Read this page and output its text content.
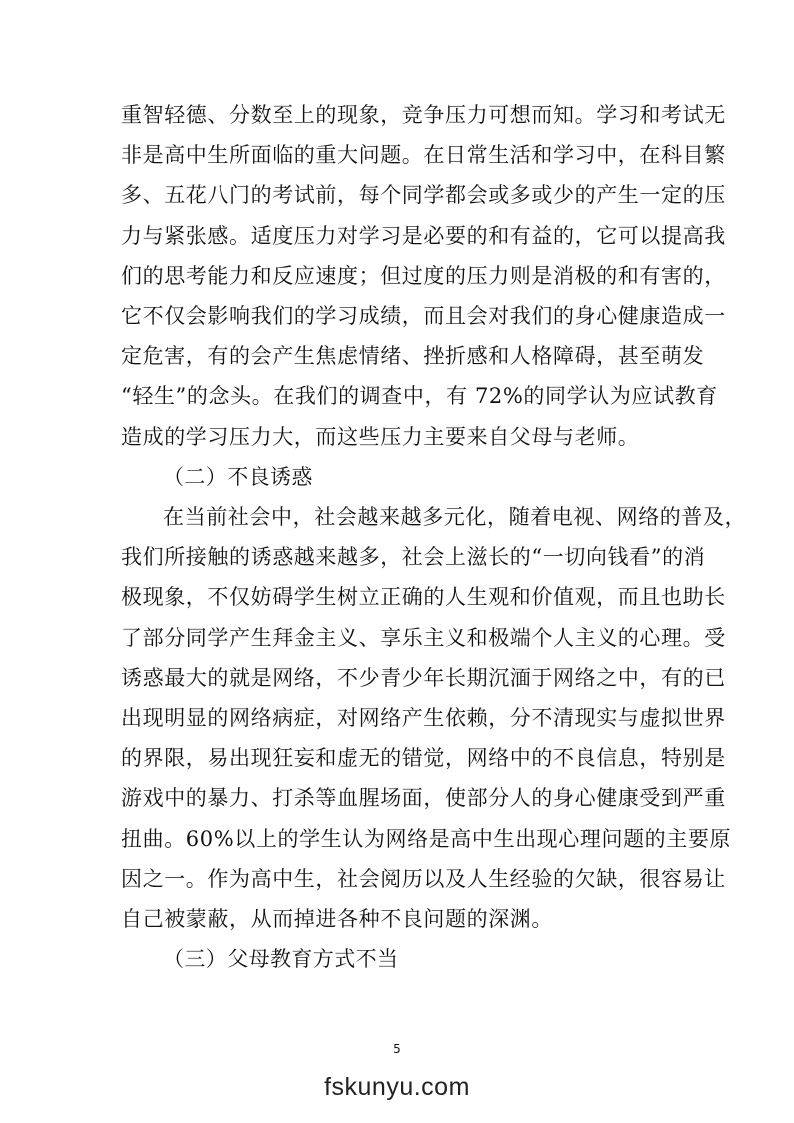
重智轻德、分数至上的现象，竞争压力可想而知。学习和考试无
非是高中生所面临的重大问题。在日常生活和学习中，在科目繁
多、五花八门的考试前，每个同学都会或多或少的产生一定的压
力与紧张感。适度压力对学习是必要的和有益的，它可以提高我
们的思考能力和反应速度；但过度的压力则是消极的和有害的，
它不仅会影响我们的学习成绩，而且会对我们的身心健康造成一
定危害，有的会产生焦虑情绪、挫折感和人格障碍，甚至萌发
“轻生”的念头。在我们的调查中，有 72%的同学认为应试教育
造成的学习压力大，而这些压力主要来自父母与老师。
（二）不良诱惑
在当前社会中，社会越来越多元化，随着电视、网络的普及，
我们所接触的诱惑越来越多，社会上滋长的“一切向钱看”的消
极现象，不仅妨碍学生树立正确的人生观和价值观，而且也助长
了部分同学产生拜金主义、享乐主义和极端个人主义的心理。受
诱惑最大的就是网络，不少青少年长期沉湎于网络之中，有的已
出现明显的网络病症，对网络产生依赖，分不清现实与虚拟世界
的界限，易出现狂妄和虚无的错觉，网络中的不良信息，特别是
游戏中的暴力、打杀等血腥场面，使部分人的身心健康受到严重
扭曲。60%以上的学生认为网络是高中生出现心理问题的主要原
因之一。作为高中生，社会阅历以及人生经验的欠缺，很容易让
自己被蒙蔽，从而掉进各种不良问题的深渊。
（三）父母教育方式不当
5
fskunyu.com
